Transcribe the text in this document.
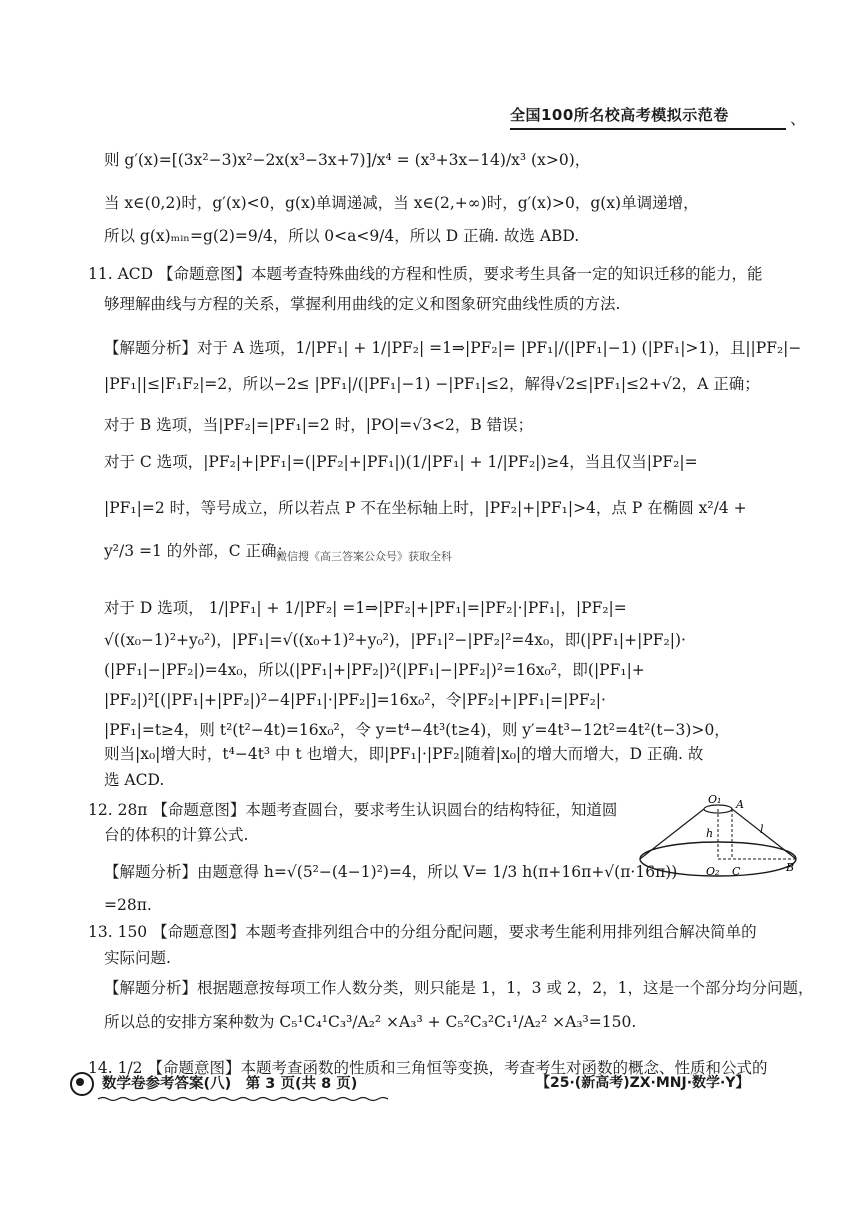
全国100所名校高考模拟示范卷	、
则 g′(x)=[(3x²−3)x²−2x(x³−3x+7)]/x⁴ = (x³+3x−14)/x³ (x>0)，
当 x∈(0,2)时，g′(x)<0，g(x)单调递减，当 x∈(2,+∞)时，g′(x)>0，g(x)单调递增，
所以 g(x)ₘᵢₙ=g(2)=9/4，所以 0<a<9/4，所以 D 正确. 故选 ABD.
11. ACD 【命题意图】本题考查特殊曲线的方程和性质，要求考生具备一定的知识迁移的能力，能
够理解曲线与方程的关系，掌握利用曲线的定义和图象研究曲线性质的方法.
【解题分析】对于 A 选项，1/|PF₁| + 1/|PF₂| =1⇒|PF₂|= |PF₁|/(|PF₁|−1) (|PF₁|>1)，且||PF₂|−
|PF₁||≤|F₁F₂|=2，所以−2≤ |PF₁|/(|PF₁|−1) −|PF₁|≤2，解得√2≤|PF₁|≤2+√2，A 正确；
对于 B 选项，当|PF₂|=|PF₁|=2 时，|PO|=√3<2，B 错误；
对于 C 选项，|PF₂|+|PF₁|=(|PF₂|+|PF₁|)(1/|PF₁| + 1/|PF₂|)≥4，当且仅当|PF₂|=
|PF₁|=2 时，等号成立，所以若点 P 不在坐标轴上时，|PF₂|+|PF₁|>4，点 P 在椭圆 x²/4 +
y²/3 =1 的外部，C 正确；
微信搜《高三答案公众号》获取全科
对于 D 选项， 1/|PF₁| + 1/|PF₂| =1⇒|PF₂|+|PF₁|=|PF₂|·|PF₁|，|PF₂|=
√((x₀−1)²+y₀²)，|PF₁|=√((x₀+1)²+y₀²)，|PF₁|²−|PF₂|²=4x₀，即(|PF₁|+|PF₂|)·
(|PF₁|−|PF₂|)=4x₀，所以(|PF₁|+|PF₂|)²(|PF₁|−|PF₂|)²=16x₀²，即(|PF₁|+
|PF₂|)²[(|PF₁|+|PF₂|)²−4|PF₁|·|PF₂|]=16x₀²，令|PF₂|+|PF₁|=|PF₂|·
|PF₁|=t≥4，则 t²(t²−4t)=16x₀²，令 y=t⁴−4t³(t≥4)，则 y′=4t³−12t²=4t²(t−3)>0，
则当|x₀|增大时，t⁴−4t³ 中 t 也增大，即|PF₁|·|PF₂|随着|x₀|的增大而增大，D 正确. 故
选 ACD.
12. 28π 【命题意图】本题考查圆台，要求考生认识圆台的结构特征，知道圆
台的体积的计算公式.
【解题分析】由题意得 h=√(5²−(4−1)²)=4，所以 V= 1/3 h(π+16π+√(π·16π))
=28π.
13. 150 【命题意图】本题考查排列组合中的分组分配问题，要求考生能利用排列组合解决简单的
实际问题.
【解题分析】根据题意按每项工作人数分类，则只能是 1，1，3 或 2，2，1，这是一个部分均分问题，
所以总的安排方案种数为 C₅¹C₄¹C₃³/A₂² ×A₃³ + C₅²C₃²C₁¹/A₂² ×A₃³=150.
14. 1/2 【命题意图】本题考查函数的性质和三角恒等变换，考查考生对函数的概念、性质和公式的
O₁ A
h	l
O₂ C	B
数学卷参考答案(八)　第 3 页(共 8 页)	【25·(新高考)ZX·MNJ·数学·Y】
